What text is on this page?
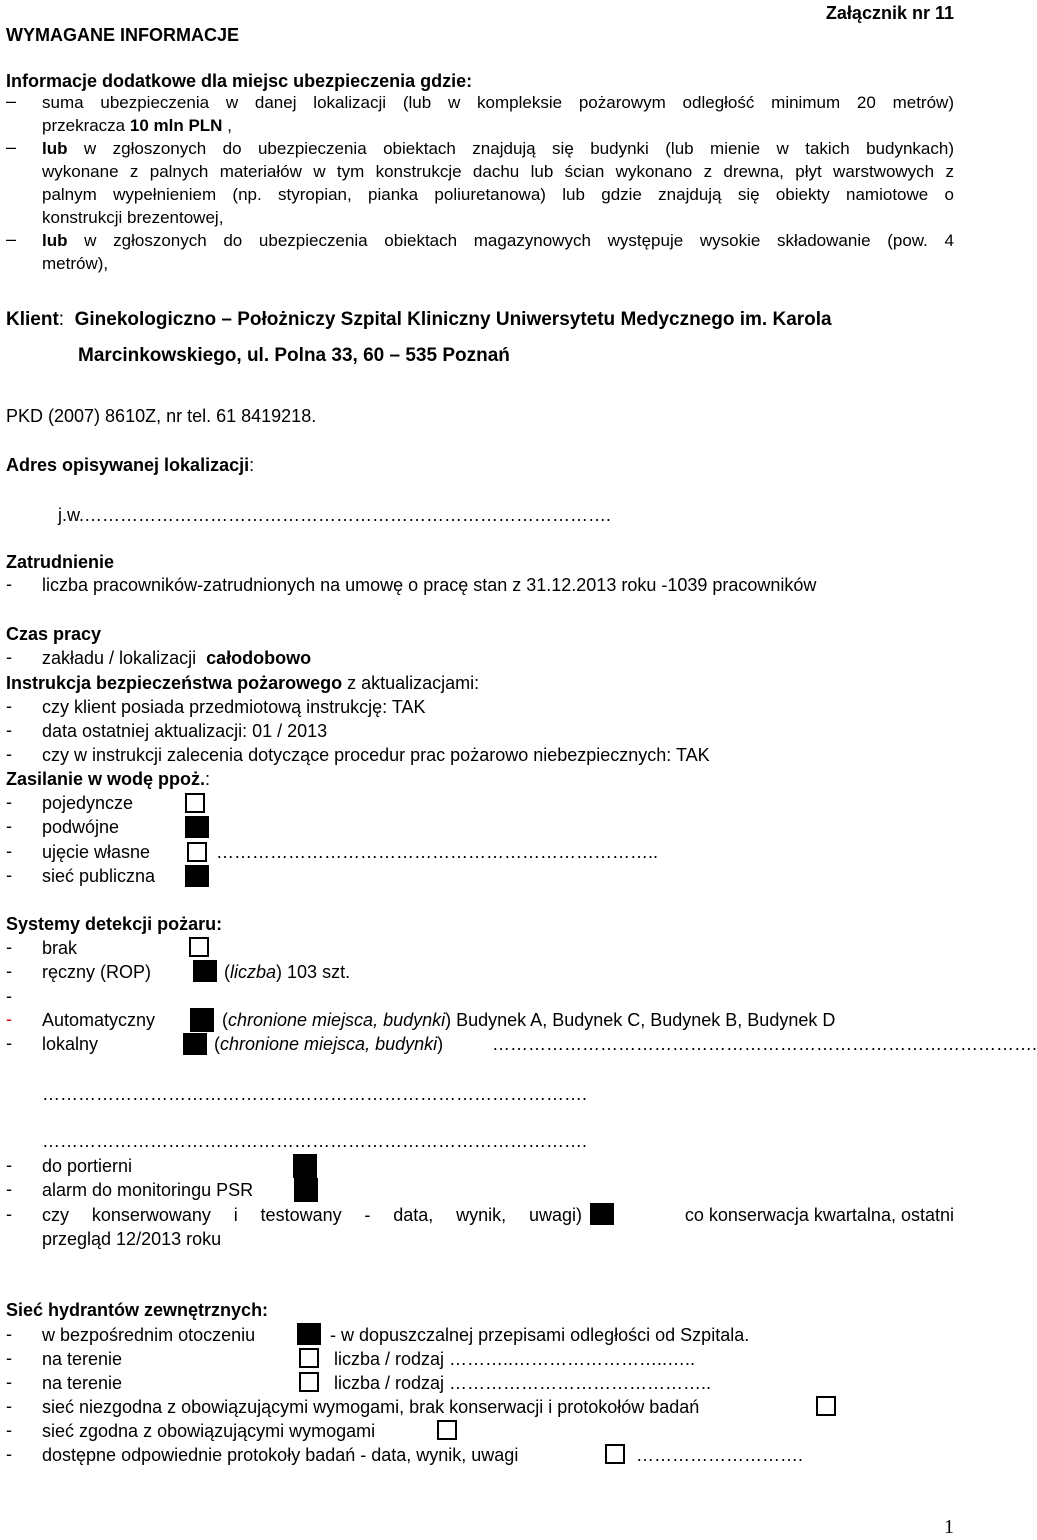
WYMAGANE INFORMACJE
Załącznik nr 11
Informacje dodatkowe dla miejsc ubezpieczenia gdzie:
– suma ubezpieczenia w danej lokalizacji (lub w kompleksie pożarowym odległość minimum 20 metrów)
przekracza 10 mln PLN ,
– lub w zgłoszonych do ubezpieczenia obiektach znajdują się budynki (lub mienie w takich budynkach)
wykonane z palnych materiałów w tym konstrukcje dachu lub ścian wykonano z drewna, płyt warstwowych z
palnym wypełnieniem (np. styropian, pianka poliuretanowa) lub gdzie znajdują się obiekty namiotowe o
konstrukcji brezentowej,
– lub w zgłoszonych do ubezpieczenia obiektach magazynowych występuje wysokie składowanie (pow. 4
metrów),
Klient: Ginekologiczno – Położniczy Szpital Kliniczny Uniwersytetu Medycznego im. Karola
Marcinkowskiego, ul. Polna 33, 60 – 535 Poznań
PKD (2007) 8610Z, nr tel. 61 8419218.
Adres opisywanej lokalizacji:
j.w.…………………………………………………………………………….
Zatrudnienie
- liczba pracowników-zatrudnionych na umowę o pracę stan z 31.12.2013 roku -1039 pracowników
Czas pracy
- zakładu / lokalizacji  całodobowo
Instrukcja bezpieczeństwa pożarowego z aktualizacjami:
- czy klient posiada przedmiotową instrukcję: TAK
- data ostatniej aktualizacji: 01 / 2013
- czy w instrukcji zalecenia dotyczące procedur prac pożarowo niebezpiecznych: TAK
Zasilanie w wodę ppoż.:
- pojedyncze
- podwójne
- ujęcie własne	………………………………………………………………..
- sieć publiczna
Systemy detekcji pożaru:
- brak
- ręczny (ROP)	(liczba) 103 szt.
-
- Automatyczny	(chronione miejsca, budynki) Budynek A, Budynek C, Budynek B, Budynek D
- lokalny	(chronione miejsca, budynki)	……………………………………………………………………………….
……………………………………………………………………………….
……………………………………………………………………………….
- do portierni
- alarm do monitoringu PSR
- czy konserwowany i testowany - data, wynik, uwagi)	co konserwacja kwartalna, ostatni
przegląd 12/2013 roku
Sieć hydrantów zewnętrznych:
- w bezpośrednim otoczeniu	- w dopuszczalnej przepisami odległości od Szpitala.
- na terenie	liczba / rodzaj ………..……………………..…..
- na terenie	liczba / rodzaj ……………………………………..
- sieć niezgodna z obowiązującymi wymogami, brak konserwacji i protokołów badań
- sieć zgodna z obowiązującymi wymogami
- dostępne odpowiednie protokoły badań - data, wynik, uwagi	……………………….
1
